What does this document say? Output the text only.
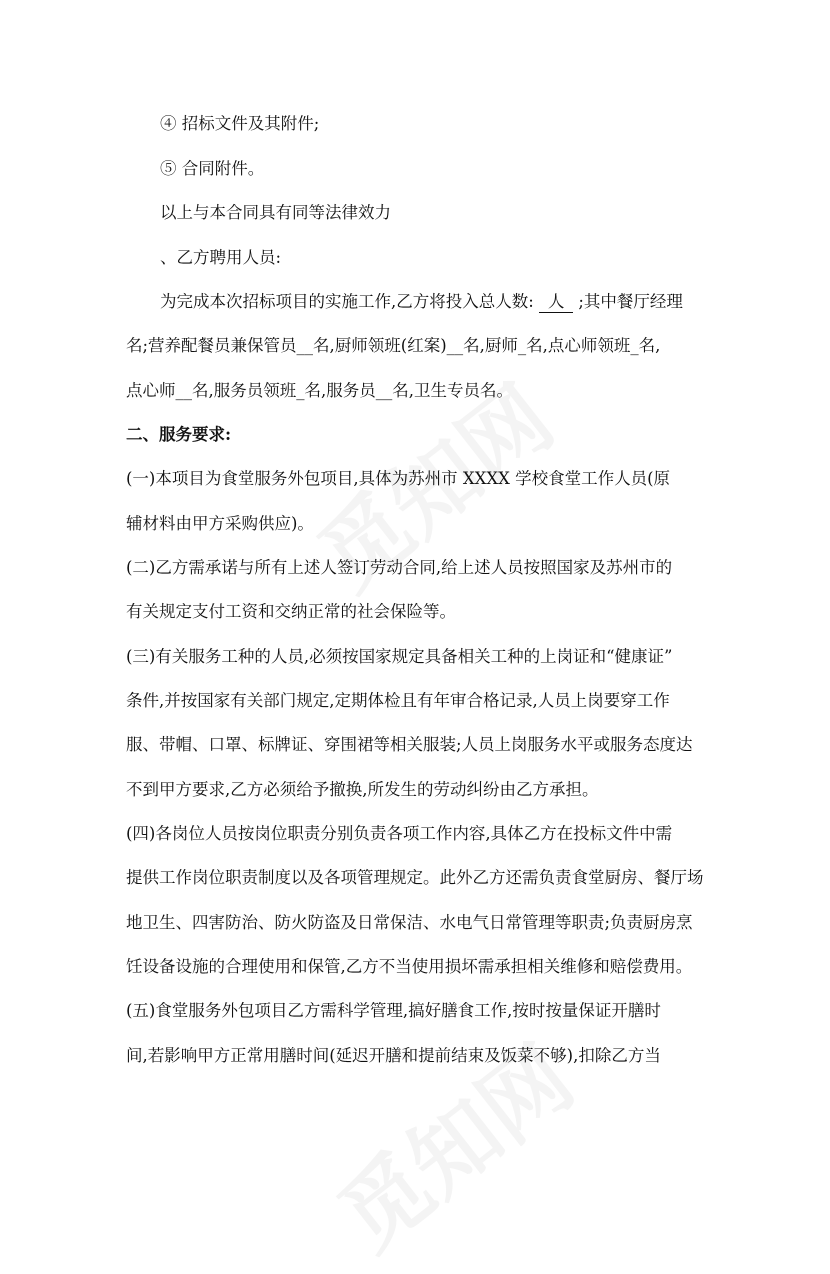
④ 招标文件及其附件;
⑤ 合同附件。
以上与本合同具有同等法律效力
、乙方聘用人员:
为完成本次招标项目的实施工作,乙方将投入总人数: 人 ;其中餐厅经理
名;营养配餐员兼保管员__名,厨师领班(红案)__名,厨师_名,点心师领班_名,
点心师__名,服务员领班_名,服务员__名,卫生专员名。
二、服务要求:
(一)本项目为食堂服务外包项目,具体为苏州市 XXXX 学校食堂工作人员(原
辅材料由甲方采购供应)。
(二)乙方需承诺与所有上述人签订劳动合同,给上述人员按照国家及苏州市的
有关规定支付工资和交纳正常的社会保险等。
(三)有关服务工种的人员,必须按国家规定具备相关工种的上岗证和“健康证”
条件,并按国家有关部门规定,定期体检且有年审合格记录,人员上岗要穿工作
服、带帽、口罩、标牌证、穿围裙等相关服装;人员上岗服务水平或服务态度达
不到甲方要求,乙方必须给予撤换,所发生的劳动纠纷由乙方承担。
(四)各岗位人员按岗位职责分别负责各项工作内容,具体乙方在投标文件中需
提供工作岗位职责制度以及各项管理规定。此外乙方还需负责食堂厨房、餐厅场
地卫生、四害防治、防火防盗及日常保洁、水电气日常管理等职责;负责厨房烹
饪设备设施的合理使用和保管,乙方不当使用损坏需承担相关维修和赔偿费用。
(五)食堂服务外包项目乙方需科学管理,搞好膳食工作,按时按量保证开膳时
间,若影响甲方正常用膳时间(延迟开膳和提前结束及饭菜不够),扣除乙方当
